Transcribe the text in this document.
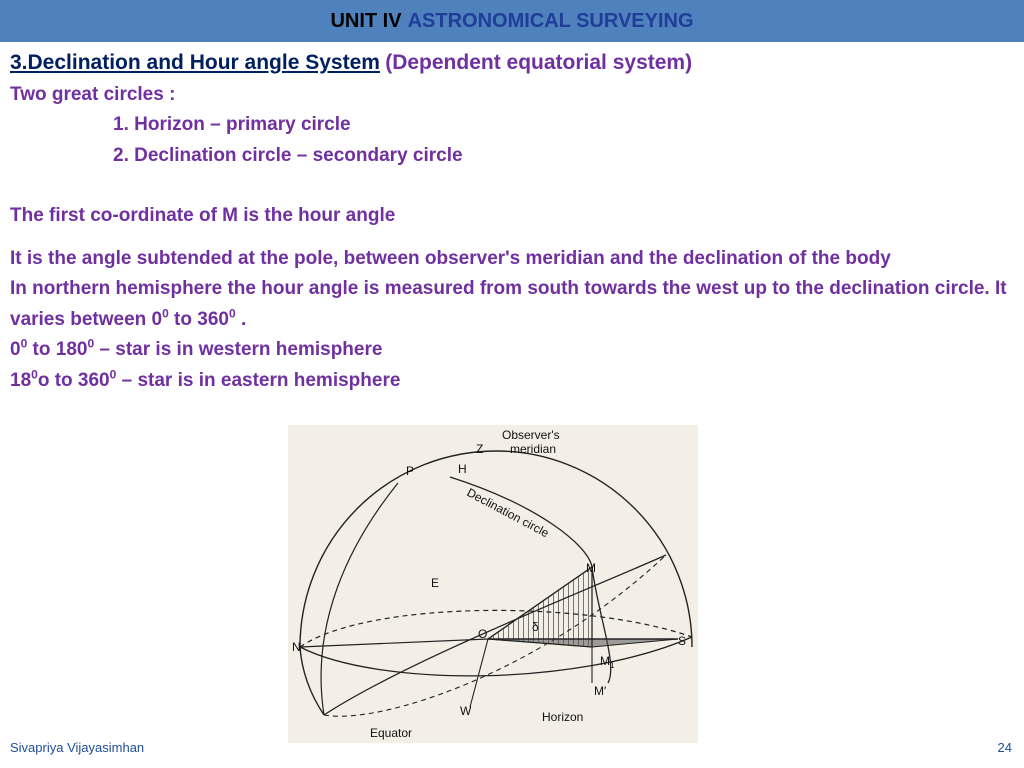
UNIT IV ASTRONOMICAL SURVEYING
3.Declination and Hour angle System (Dependent equatorial system)
Two great circles :
1. Horizon – primary circle
2. Declination circle – secondary circle
The first co-ordinate of M is the hour angle
It is the angle subtended at the pole, between observer's meridian and the declination of the body
In northern hemisphere the hour angle is measured from south towards the west up to the declination circle. It varies between $0^0$ to $360^0$ .
$0^0$ to $180^0$ – star is in western hemisphere
$18^0o$ to $360^0$ – star is in eastern hemisphere
Z
P	H
Observer's
meridian
Declination circle
M
E
O	δ
N	S
$M_1$
M′
W	Horizon
Equator
Sivapriya Vijayasimhan	24
